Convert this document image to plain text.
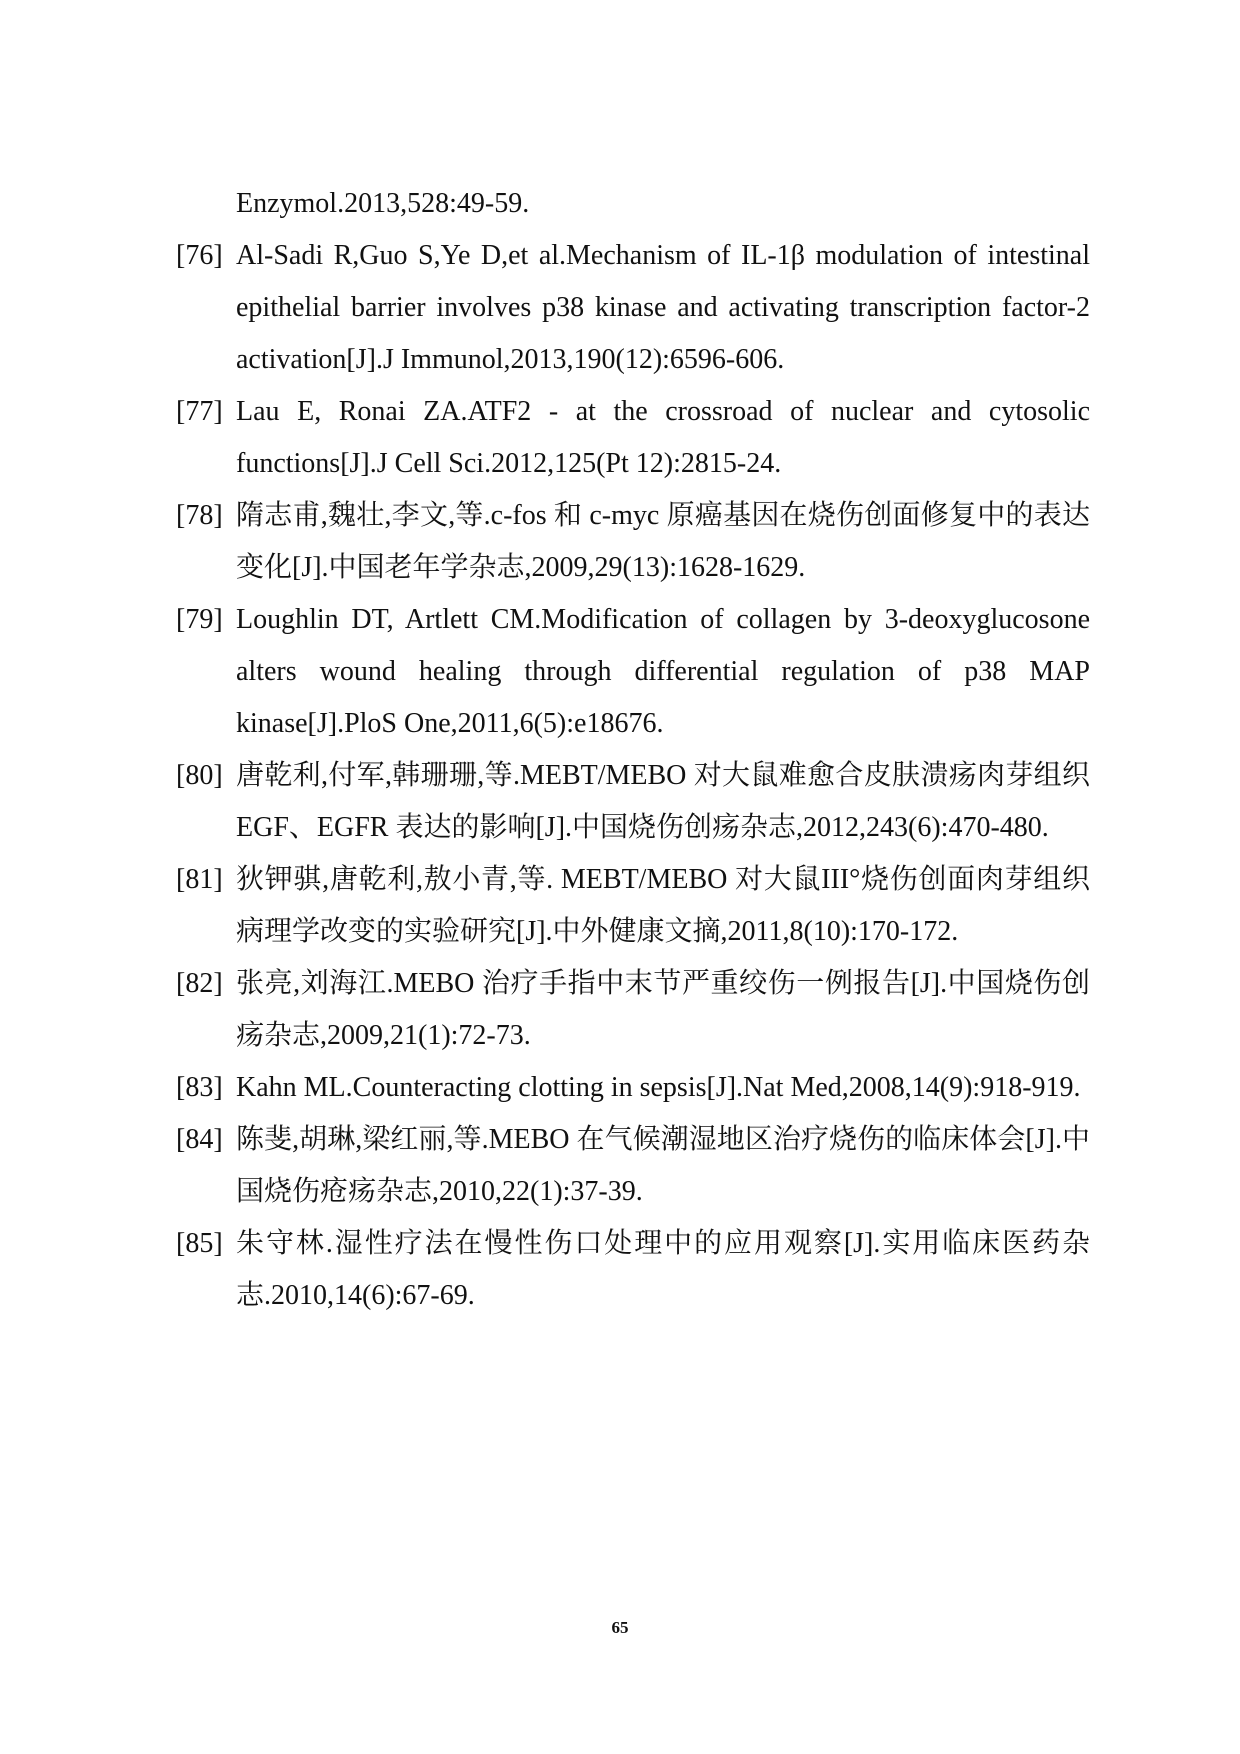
Enzymol.2013,528:49-59.
[76] Al-Sadi R,Guo S,Ye D,et al.Mechanism of IL-1β modulation of intestinal epithelial barrier involves p38 kinase and activating transcription factor-2 activation[J].J Immunol,2013,190(12):6596-606.
[77] Lau E, Ronai ZA.ATF2 - at the crossroad of nuclear and cytosolic functions[J].J Cell Sci.2012,125(Pt 12):2815-24.
[78] 隋志甫,魏壮,李文,等.c-fos 和 c-myc 原癌基因在烧伤创面修复中的表达变化[J].中国老年学杂志,2009,29(13):1628-1629.
[79] Loughlin DT, Artlett CM.Modification of collagen by 3-deoxyglucosone alters wound healing through differential regulation of p38 MAP kinase[J].PloS One,2011,6(5):e18676.
[80] 唐乾利,付军,韩珊珊,等.MEBT/MEBO 对大鼠难愈合皮肤溃疡肉芽组织 EGF、EGFR 表达的影响[J].中国烧伤创疡杂志,2012,243(6):470-480.
[81] 狄钾骐,唐乾利,敖小青,等. MEBT/MEBO 对大鼠III°烧伤创面肉芽组织病理学改变的实验研究[J].中外健康文摘,2011,8(10):170-172.
[82] 张亮,刘海江.MEBO 治疗手指中末节严重绞伤一例报告[J].中国烧伤创疡杂志,2009,21(1):72-73.
[83] Kahn ML.Counteracting clotting in sepsis[J].Nat Med,2008,14(9):918-919.
[84] 陈斐,胡琳,梁红丽,等.MEBO 在气候潮湿地区治疗烧伤的临床体会[J].中国烧伤疮疡杂志,2010,22(1):37-39.
[85] 朱守林.湿性疗法在慢性伤口处理中的应用观察[J].实用临床医药杂志.2010,14(6):67-69.
65
